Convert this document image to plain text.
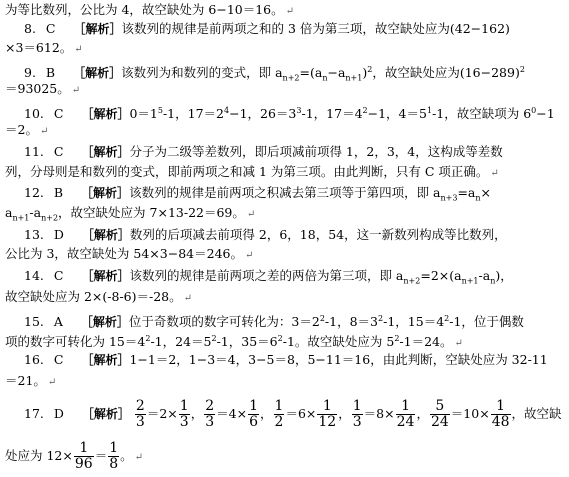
为等比数列，公比为 4，故空缺处为 6−10＝16。 ↵
8. C ［解析］该数列的规律是前两项之和的 3 倍为第三项，故空缺处应为(42−162)
×3＝612。 ↵
9. B ［解析］该数列为和数列的变式，即 $a_{n+2}=(a_n-a_{n+1})^2$，故空缺处应为$(16-289)^2$
＝93025。 ↵
10. C ［解析$]0=1^5-1$，$17=2^4-1$，$26=3^3-1$，$17=4^2-1$，$4=5^1-1$，故空缺项为 $6^0-1$
＝2。 ↵
11. C ［解析］分子为二级等差数列，即后项减前项得 1，2，3，4，这构成等差数
列，分母则是和数列的变式，即前两项之和减 1 为第三项。由此判断，只有 C 项正确。 ↵
12. B ［解析］该数列的规律是前两项之积减去第三项等于第四项，即 $a_{n+3}=a_n\times$
$a_{n+1}-a_{n+2}$，故空缺处应为 7×13-22＝69。 ↵
13. D ［解析］数列的后项减去前项得 2，6，18，54，这一新数列构成等比数列，
公比为 3，故空缺处为 54×3−84＝246。 ↵
14. C ［解析］该数列的规律是前两项之差的两倍为第三项，即 $a_{n+2}=2\times(a_{n+1}-a_n)$，
故空缺处应为 2×(-8-6)＝-28。 ↵
15. A ［解析］位于奇数项的数字可转化为：$3=2^2-1$，$8=3^2-1$，$15=4^2-1$，位于偶数
项的数字可转化为 $15=4^2-1$，$24=5^2-1$，$35=6^2-1$。故空缺处应为 $5^2-1=24$。 ↵
16. C ［解析］1−1＝2，1−3＝4，3−5＝8，5−11＝16，由此判断，空缺处应为 32-11
＝21。 ↵
17. D ［解析］ $\frac{2}{3} =2\times \frac{1}{3}$ ， $\frac{2}{3} =4\times \frac{1}{6}$ ， $\frac{1}{2} =6\times \frac{1}{12}$ ， $\frac{1}{3} =8\times \frac{1}{24}$ ， $\frac{5}{24} =10\times \frac{1}{48}$ ，故空缺
处应为 $12\times \frac{1}{96} = \frac{1}{8}$ 。 ↵
